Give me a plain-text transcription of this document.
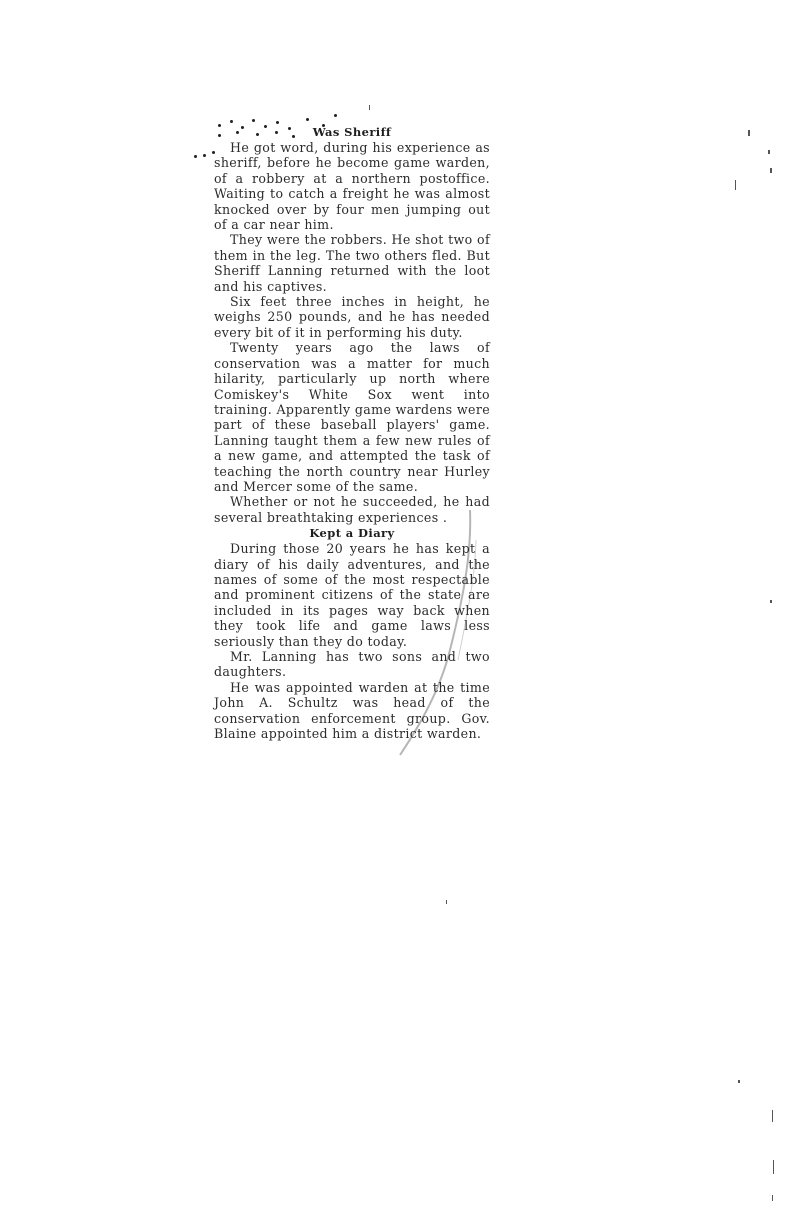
Was Sheriff

He got word, during his experience as sheriff, before he become game warden, of a robbery at a northern postoffice. Waiting to catch a freight he was almost knocked over by four men jumping out of a car near him.

They were the robbers. He shot two of them in the leg. The two others fled. But Sheriff Lanning returned with the loot and his captives.

Six feet three inches in height, he weighs 250 pounds, and he has needed every bit of it in performing his duty.

Twenty years ago the laws of conservation was a matter for much hilarity, particularly up north where Comiskey's White Sox went into training. Apparently game wardens were part of these baseball players' game. Lanning taught them a few new rules of a new game, and attempted the task of teaching the north country near Hurley and Mercer some of the same.

Whether or not he succeeded, he had several breathtaking experiences .

Kept a Diary

During those 20 years he has kept a diary of his daily adventures, and the names of some of the most respectable and prominent citizens of the state are included in its pages way back when they took life and game laws less seriously than they do today.

Mr. Lanning has two sons and two daughters.

He was appointed warden at the time John A. Schultz was head of the conservation enforcement group. Gov. Blaine appointed him a district warden.
